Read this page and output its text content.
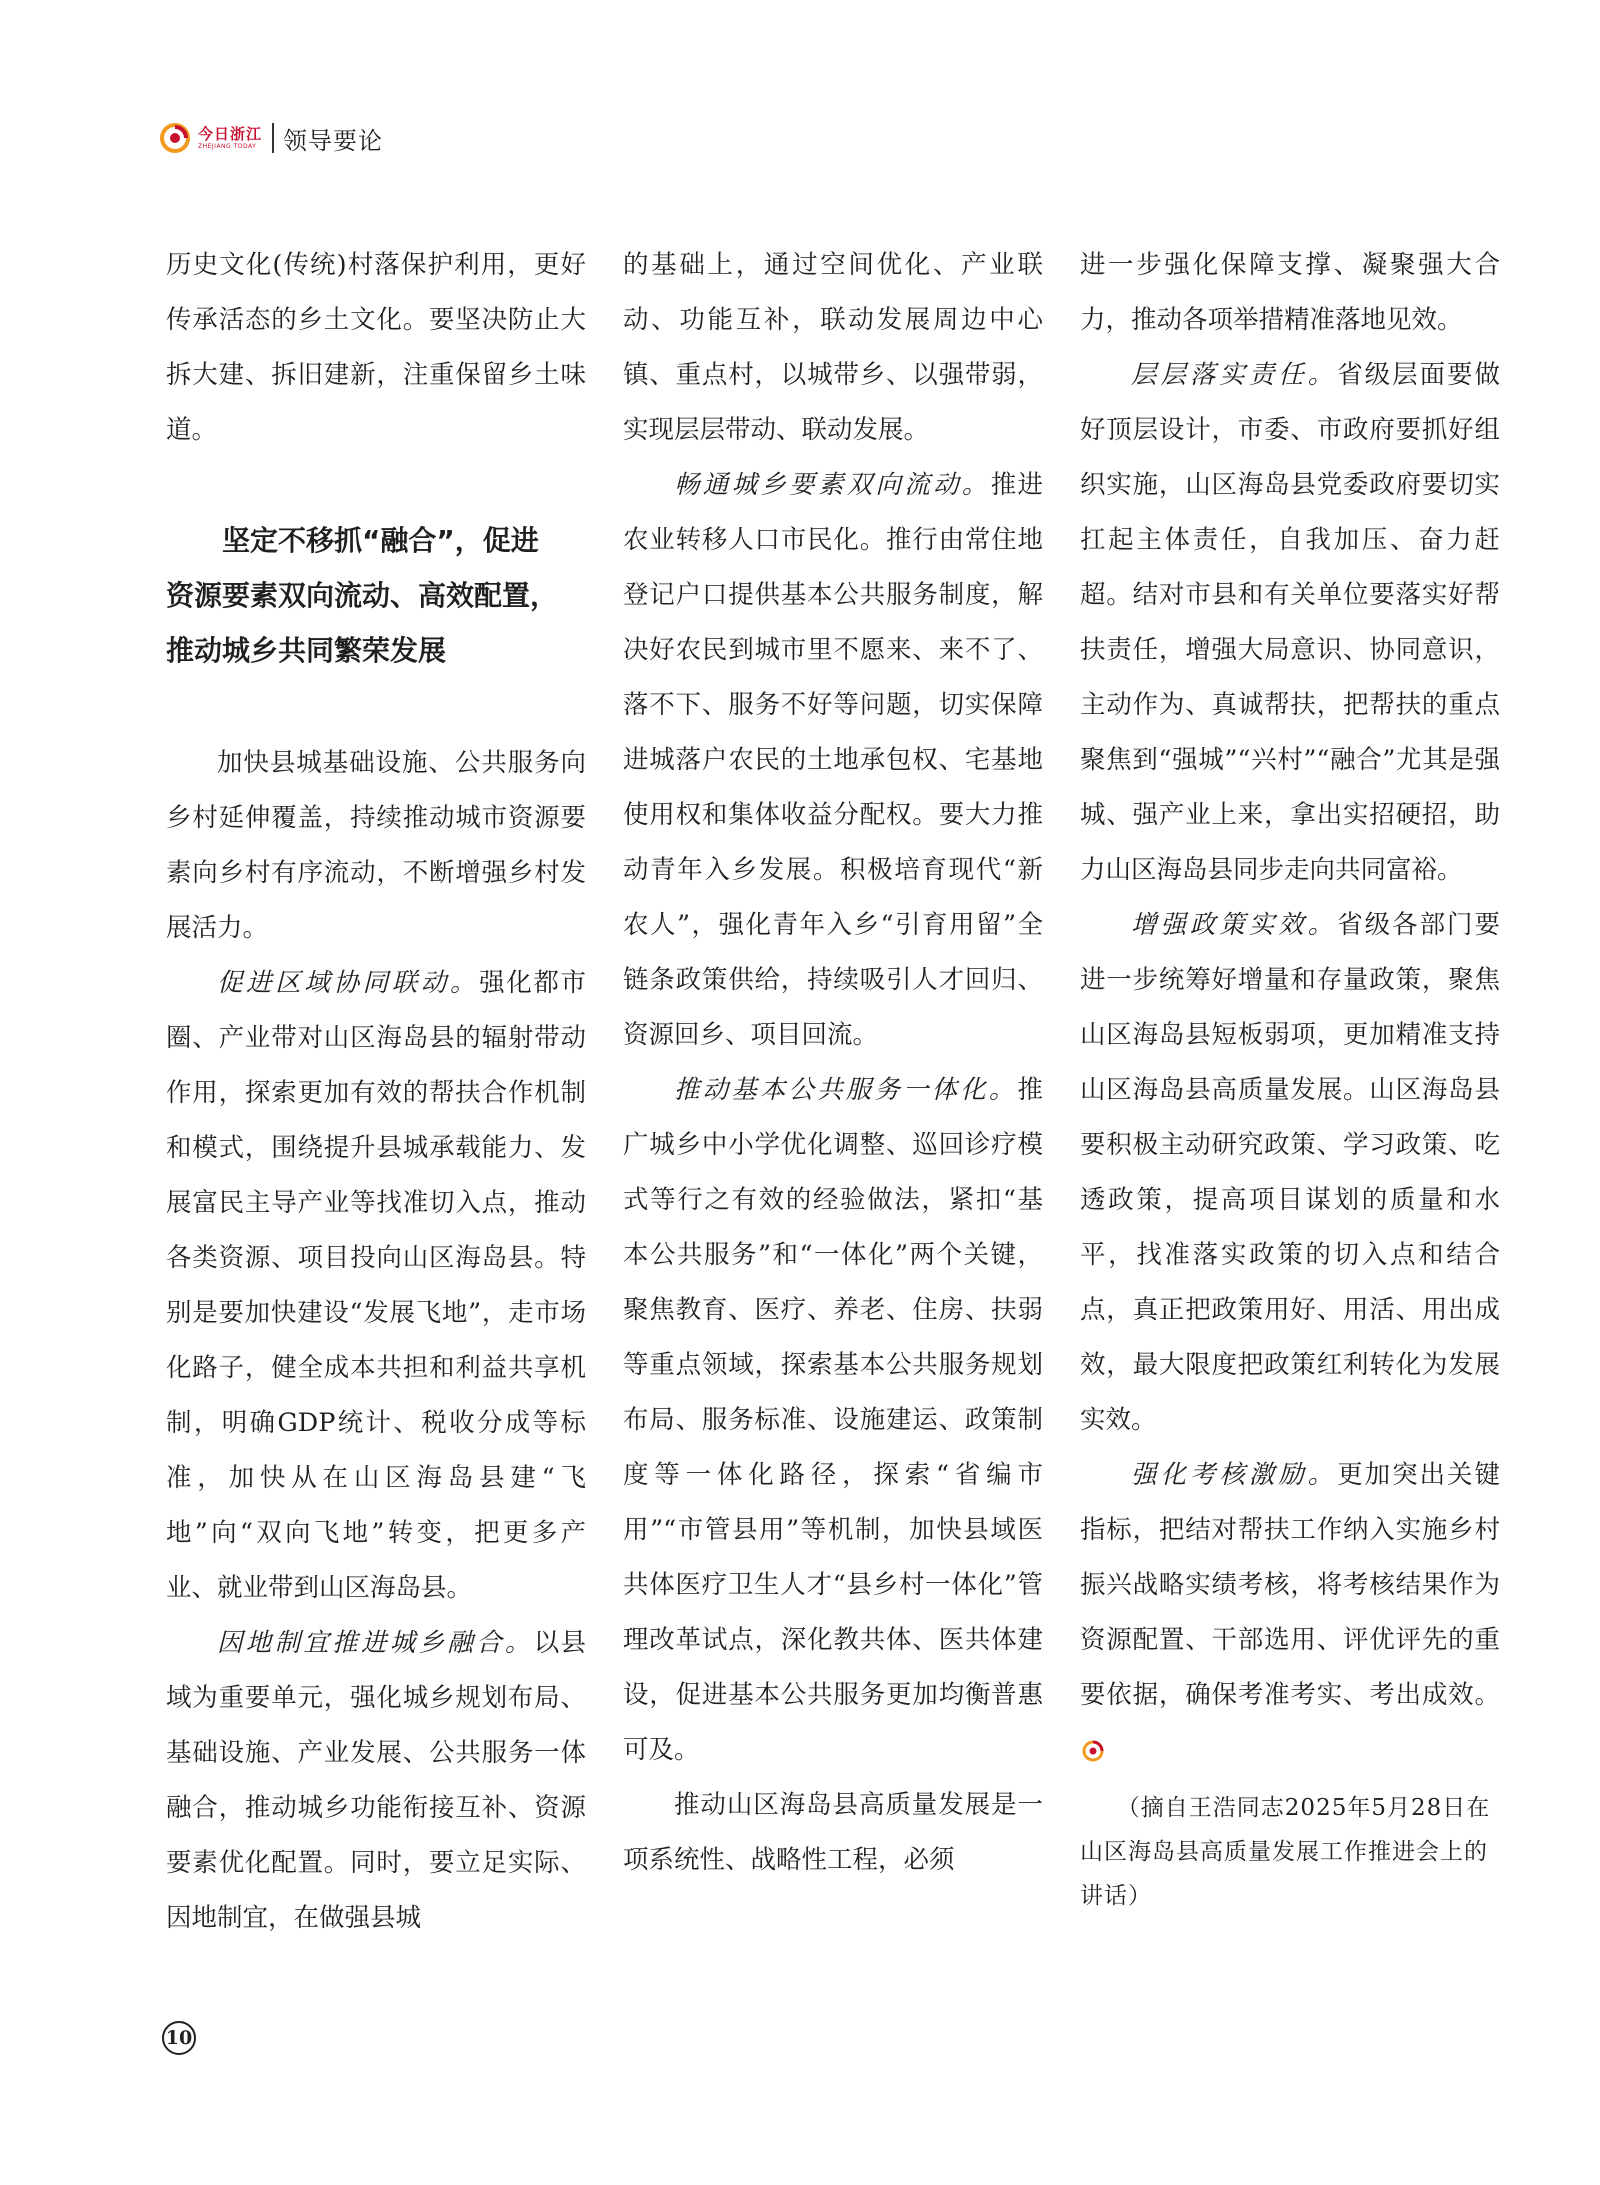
今日浙江
ZHEJIANG TODAY 领导要论

历史文化(传统)村落保护利用，更好传承活态的乡土文化。要坚决防止大拆大建、拆旧建新，注重保留乡土味道。

坚定不移抓“融合”，促进
资源要素双向流动、高效配置，
推动城乡共同繁荣发展

加快县城基础设施、公共服务向乡村延伸覆盖，持续推动城市资源要素向乡村有序流动，不断增强乡村发展活力。

促进区域协同联动。强化都市圈、产业带对山区海岛县的辐射带动作用，探索更加有效的帮扶合作机制和模式，围绕提升县城承载能力、发展富民主导产业等找准切入点，推动各类资源、项目投向山区海岛县。特别是要加快建设“发展飞地”，走市场化路子，健全成本共担和利益共享机制，明确GDP统计、税收分成等标准，加快从在山区海岛县建“飞地”向“双向飞地”转变，把更多产业、就业带到山区海岛县。

因地制宜推进城乡融合。以县域为重要单元，强化城乡规划布局、基础设施、产业发展、公共服务一体融合，推动城乡功能衔接互补、资源要素优化配置。同时，要立足实际、因地制宜，在做强县城

的基础上，通过空间优化、产业联动、功能互补，联动发展周边中心镇、重点村，以城带乡、以强带弱，实现层层带动、联动发展。

畅通城乡要素双向流动。推进农业转移人口市民化。推行由常住地登记户口提供基本公共服务制度，解决好农民到城市里不愿来、来不了、落不下、服务不好等问题，切实保障进城落户农民的土地承包权、宅基地使用权和集体收益分配权。要大力推动青年入乡发展。积极培育现代“新农人”，强化青年入乡“引育用留”全链条政策供给，持续吸引人才回归、资源回乡、项目回流。

推动基本公共服务一体化。推广城乡中小学优化调整、巡回诊疗模式等行之有效的经验做法，紧扣“基本公共服务”和“一体化”两个关键，聚焦教育、医疗、养老、住房、扶弱等重点领域，探索基本公共服务规划布局、服务标准、设施建运、政策制度等一体化路径，探索“省编市用”“市管县用”等机制，加快县域医共体医疗卫生人才“县乡村一体化”管理改革试点，深化教共体、医共体建设，促进基本公共服务更加均衡普惠可及。

推动山区海岛县高质量发展是一项系统性、战略性工程，必须

进一步强化保障支撑、凝聚强大合力，推动各项举措精准落地见效。

层层落实责任。省级层面要做好顶层设计，市委、市政府要抓好组织实施，山区海岛县党委政府要切实扛起主体责任，自我加压、奋力赶超。结对市县和有关单位要落实好帮扶责任，增强大局意识、协同意识，主动作为、真诚帮扶，把帮扶的重点聚焦到“强城”“兴村”“融合”尤其是强城、强产业上来，拿出实招硬招，助力山区海岛县同步走向共同富裕。

增强政策实效。省级各部门要进一步统筹好增量和存量政策，聚焦山区海岛县短板弱项，更加精准支持山区海岛县高质量发展。山区海岛县要积极主动研究政策、学习政策、吃透政策，提高项目谋划的质量和水平，找准落实政策的切入点和结合点，真正把政策用好、用活、用出成效，最大限度把政策红利转化为发展实效。

强化考核激励。更加突出关键指标，把结对帮扶工作纳入实施乡村振兴战略实绩考核，将考核结果作为资源配置、干部选用、评优评先的重要依据，确保考准考实、考出成效。

（摘自王浩同志2025年5月28日在山区海岛县高质量发展工作推进会上的讲话）

10
